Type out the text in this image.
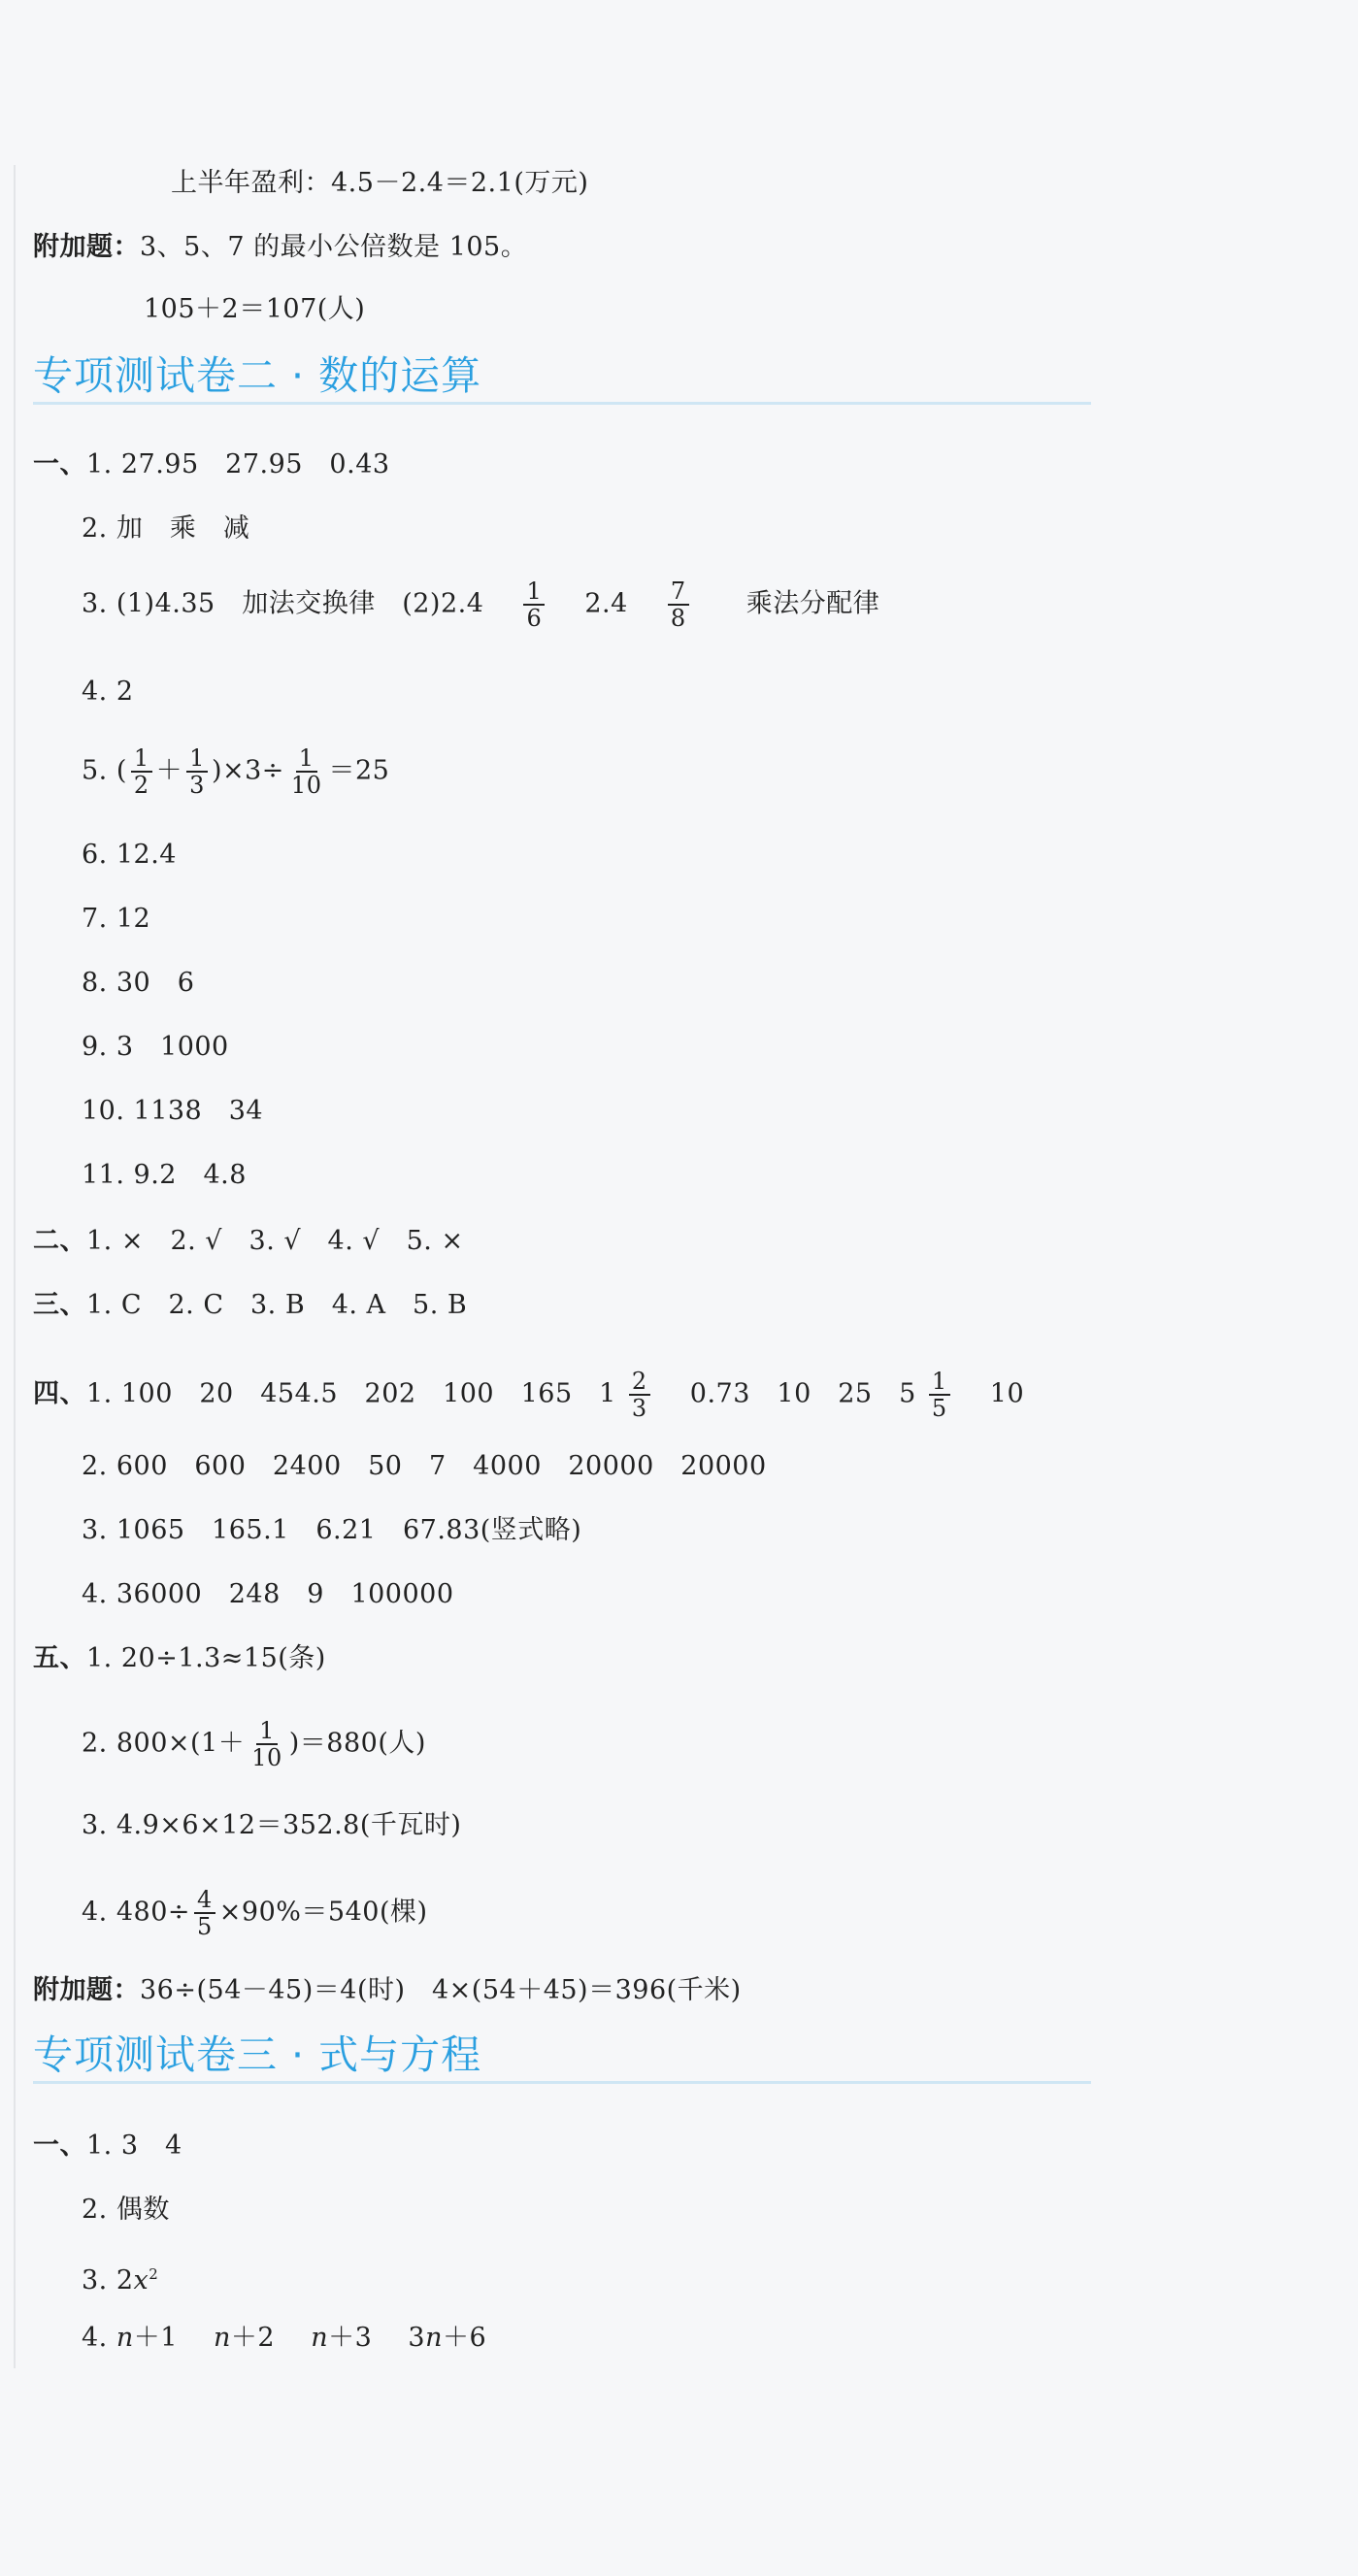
上半年盈利：4.5－2.4＝2.1(万元)
附加题：3、5、7 的最小公倍数是 105。
105＋2＝107(人)
专项测试卷二 · 数的运算
一、1. 27.95　27.95　0.43
2. 加　乘　减
3. (1)4.35　加法交换律　$(2)2.4 \frac{1}{6} 2.4 \frac{7}{8}$ 乘法分配律
4. 2
5. ( $\frac{1}{2} + \frac{1}{3} )\times 3\div \frac{1}{10} =25$
6. 12.4
7. 12
8. 30　6
9. 3　1000
10. 1138　34
11. 9.2　4.8
二、1. ×　2. √　3. √　4. √　5. ×
三、1. C　2. C　3. B　4. A　5. B
四、1. 100　20　454.5　202　100　165　$1 \frac{2}{3} 0.73$　10　25　$5 \frac{1}{5} 10$
2. 600　600　2400　50　7　4000　20000　20000
3. 1065　165.1　6.21　67.83(竖式略)
4. 36000　248　9　100000
五、1. 20÷1.3≈15(条)
2. $800\times(1+ \frac{1}{10} )=880$(人)
3. 4.9×6×12＝352.8(千瓦时)
4. $480\div \frac{4}{5} \times 90\%=540$(棵)
附加题：36÷(54－45)＝4(时)　4×(54＋45)＝396(千米)
专项测试卷三 · 式与方程
一、1. 3　4
2. 偶数
3. $2x^2$
4. n＋1 n＋2 n＋3 3n＋6
